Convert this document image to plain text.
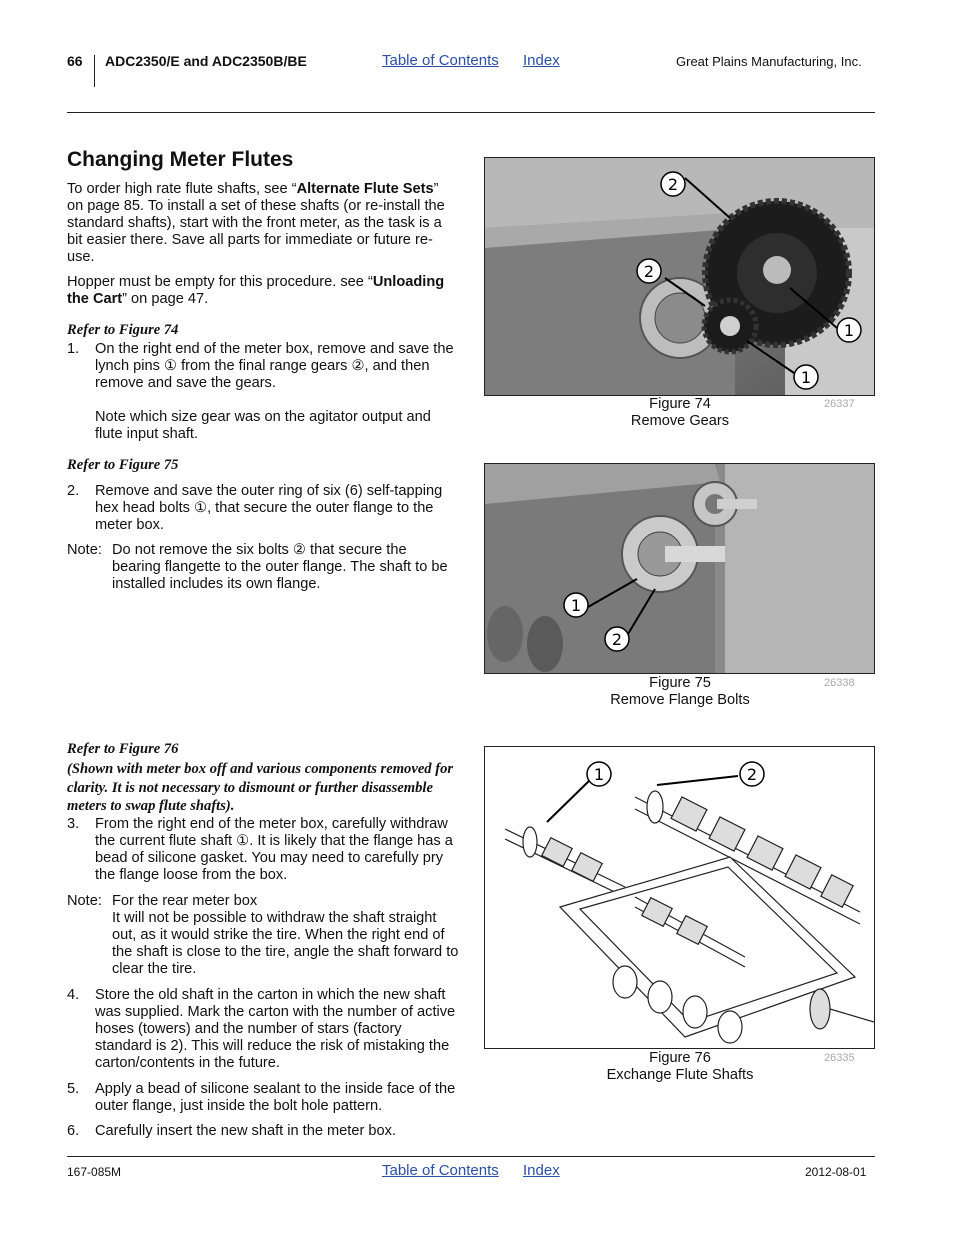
66 ADC2350/E and ADC2350B/BE	Table of Contents Index	Great Plains Manufacturing, Inc.
Changing Meter Flutes
To order high rate flute shafts, see “Alternate Flute Sets” on page 85. To install a set of these shafts (or re-install the standard shafts), start with the front meter, as the task is a bit easier there. Save all parts for immediate or future re-use.
Hopper must be empty for this procedure. see “Unloading the Cart” on page 47.
Refer to Figure 74
1. On the right end of the meter box, remove and save the lynch pins ① from the final range gears ②, and then remove and save the gears.
Note which size gear was on the agitator output and flute input shaft.
Refer to Figure 75
2. Remove and save the outer ring of six (6) self-tapping hex head bolts ①, that secure the outer flange to the meter box.
Note: Do not remove the six bolts ② that secure the bearing flangette to the outer flange. The shaft to be installed includes its own flange.
Refer to Figure 76
(Shown with meter box off and various components removed for clarity. It is not necessary to dismount or further disassemble meters to swap flute shafts).
3. From the right end of the meter box, carefully withdraw the current flute shaft ①. It is likely that the flange has a bead of silicone gasket. You may need to carefully pry the flange loose from the box.
Note: For the rear meter box
It will not be possible to withdraw the shaft straight out, as it would strike the tire. When the right end of the shaft is close to the tire, angle the shaft forward to clear the tire.
4. Store the old shaft in the carton in which the new shaft was supplied. Mark the carton with the number of active hoses (towers) and the number of stars (factory standard is 2). This will reduce the risk of mistaking the carton/contents in the future.
5. Apply a bead of silicone sealant to the inside face of the outer flange, just inside the bolt hole pattern.
6. Carefully insert the new shaft in the meter box.
2
2
1
1
Figure 74
Remove Gears
26337
1
2
Figure 75
Remove Flange Bolts
26338
1	2
Figure 76
Exchange Flute Shafts
26335
167-085M	Table of Contents Index	2012-08-01
